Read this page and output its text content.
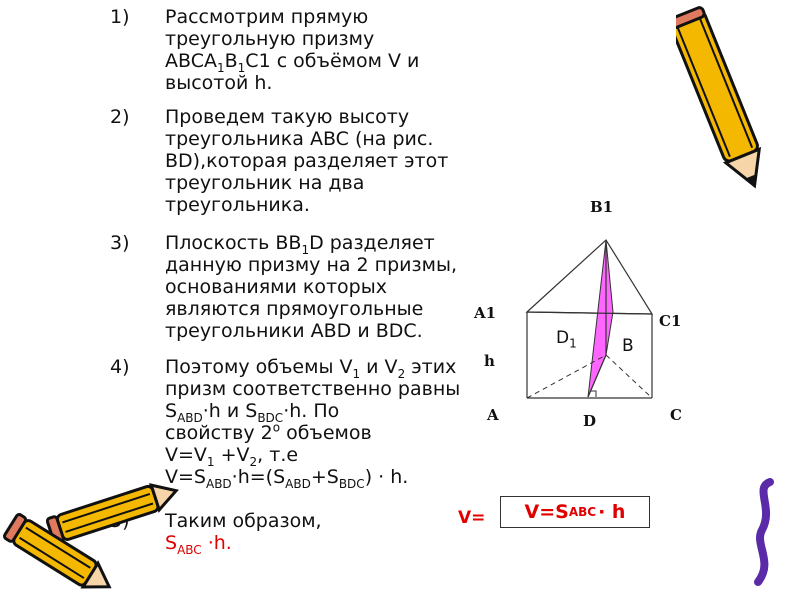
1) Рассмотрим прямую
треугольную призму
$ABCA_1B_1C1$ с объёмом V и
высотой h.
2) Проведем такую высоту
треугольника ABC (на рис.
BD),которая разделяет этот
треугольник на два
треугольника.
3) Плоскость $BB_1D$ разделяет
данную призму на 2 призмы,
основаниями которых
являются прямоугольные
треугольники ABD и BDC.
4) Поэтому объемы $V_1$ и $V_2$ этих
призм соответственно равны
$S_{ABD}\cdot h$ и $S_{BDC}\cdot h$. По
свойству $2^о$ объемов
$V=V_1 +V_2$, т.е
$V=S_{ABD}\cdot h=(S_{ABD}+S_{BDC}) \cdot h$.
Таким образом,
$S_{ABC} \cdot h$.
B1
A1	C1
A	D	C
h
$D_1$	B
V= V=S ABC · h
